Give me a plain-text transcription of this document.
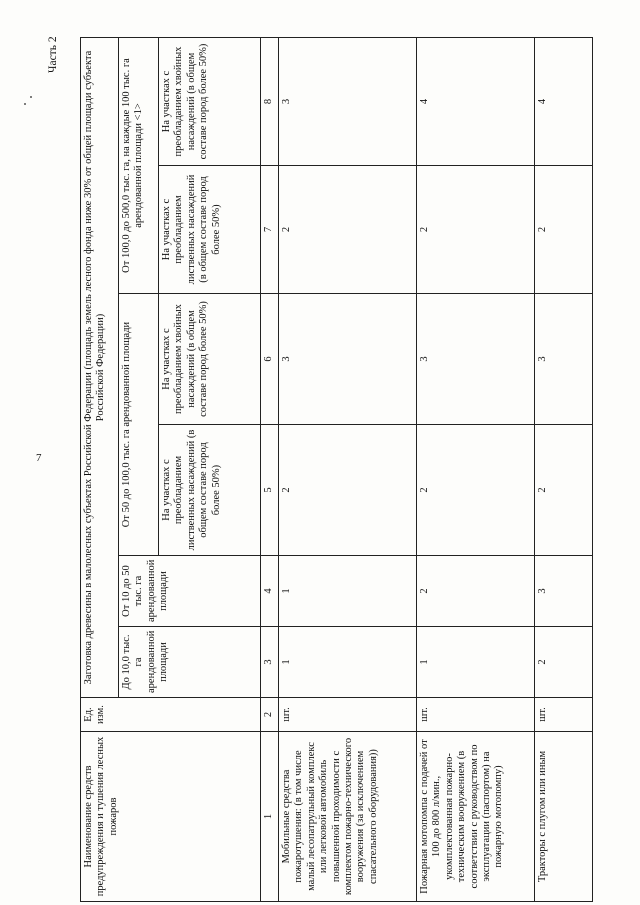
Часть 2
7
Наименование средств предупреждения и тушения лесных пожаров	Ед. изм.	Заготовка древесины в малолесных субъектах Российской Федерации (площадь земель лесного фонда ниже 30% от общей площади субъекта Российской Федерации)					
		До 10,0 тыс. га арендованной площади	От 10 до 50 тыс. га арендованной площади	От 50 до 100,0 тыс. га арендованной площади		От 100,0 до 500,0 тыс. га, на каждые 100 тыс. га арендованной площади <1>	
				На участках с преобладанием лиственных насаждений (в общем составе пород более 50%)	На участках с преобладанием хвойных насаждений (в общем составе пород более 50%)	На участках с преобладанием лиственных насаждений (в общем составе пород более 50%)	На участках с преобладанием хвойных насаждений (в общем составе пород более 50%)
1	2	3	4	5	6	7	8
Мобильные средства пожаротушения: (в том числе малый лесопатрульный комплекс или легковой автомобиль повышенной проходимости с комплектом пожарно-технического вооружения (за исключением спасательного оборудования))	шт.	1	1	2	3	2	3
Пожарная мотопомпа с подачей от 100 до 800 л/мин., укомплектованная пожарно-техническим вооружением (в соответствии с руководством по эксплуатации (паспортом) на пожарную мотопомпу)	шт.	1	2	2	3	2	4
Тракторы с плугом или иным	шт.	2	3	2	3	2	4
